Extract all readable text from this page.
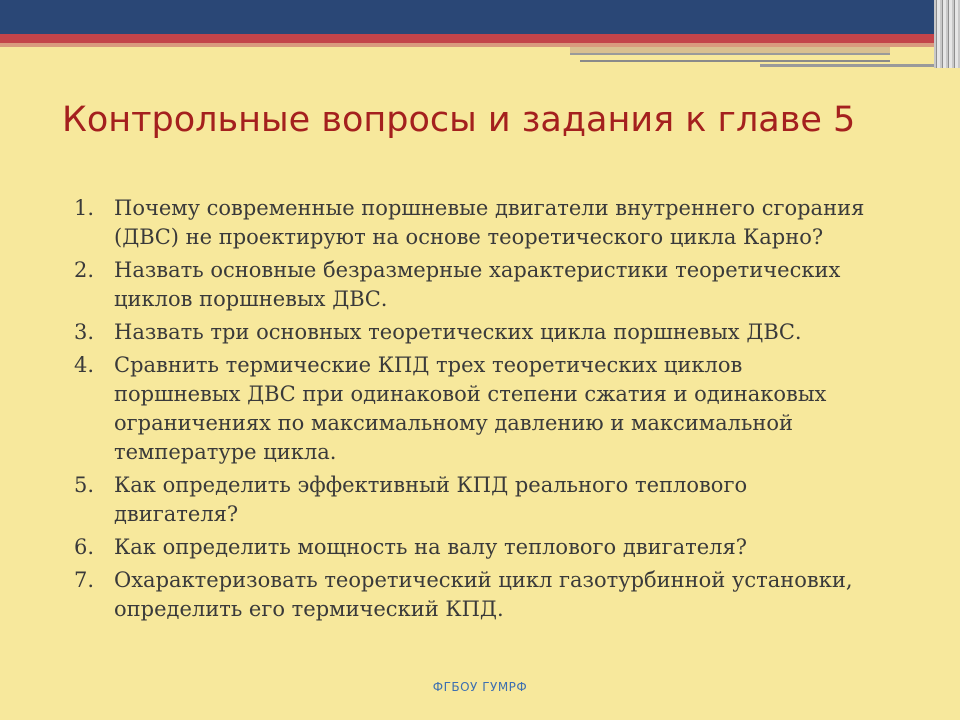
Контрольные вопросы и задания к главе 5
1. Почему современные поршневые двигатели внутреннего сгорания
(ДВС) не проектируют на основе теоретического цикла Карно?
2. Назвать основные безразмерные характеристики теоретических
циклов поршневых ДВС.
3. Назвать три основных теоретических цикла поршневых ДВС.
4. Сравнить термические КПД трех теоретических циклов
поршневых ДВС при одинаковой степени сжатия и одинаковых
ограничениях по максимальному давлению и максимальной
температуре цикла.
5. Как определить эффективный КПД реального теплового
двигателя?
6. Как определить мощность на валу теплового двигателя?
7. Охарактеризовать теоретический цикл газотурбинной установки,
определить его термический КПД.
ФГБОУ ГУМРФ
